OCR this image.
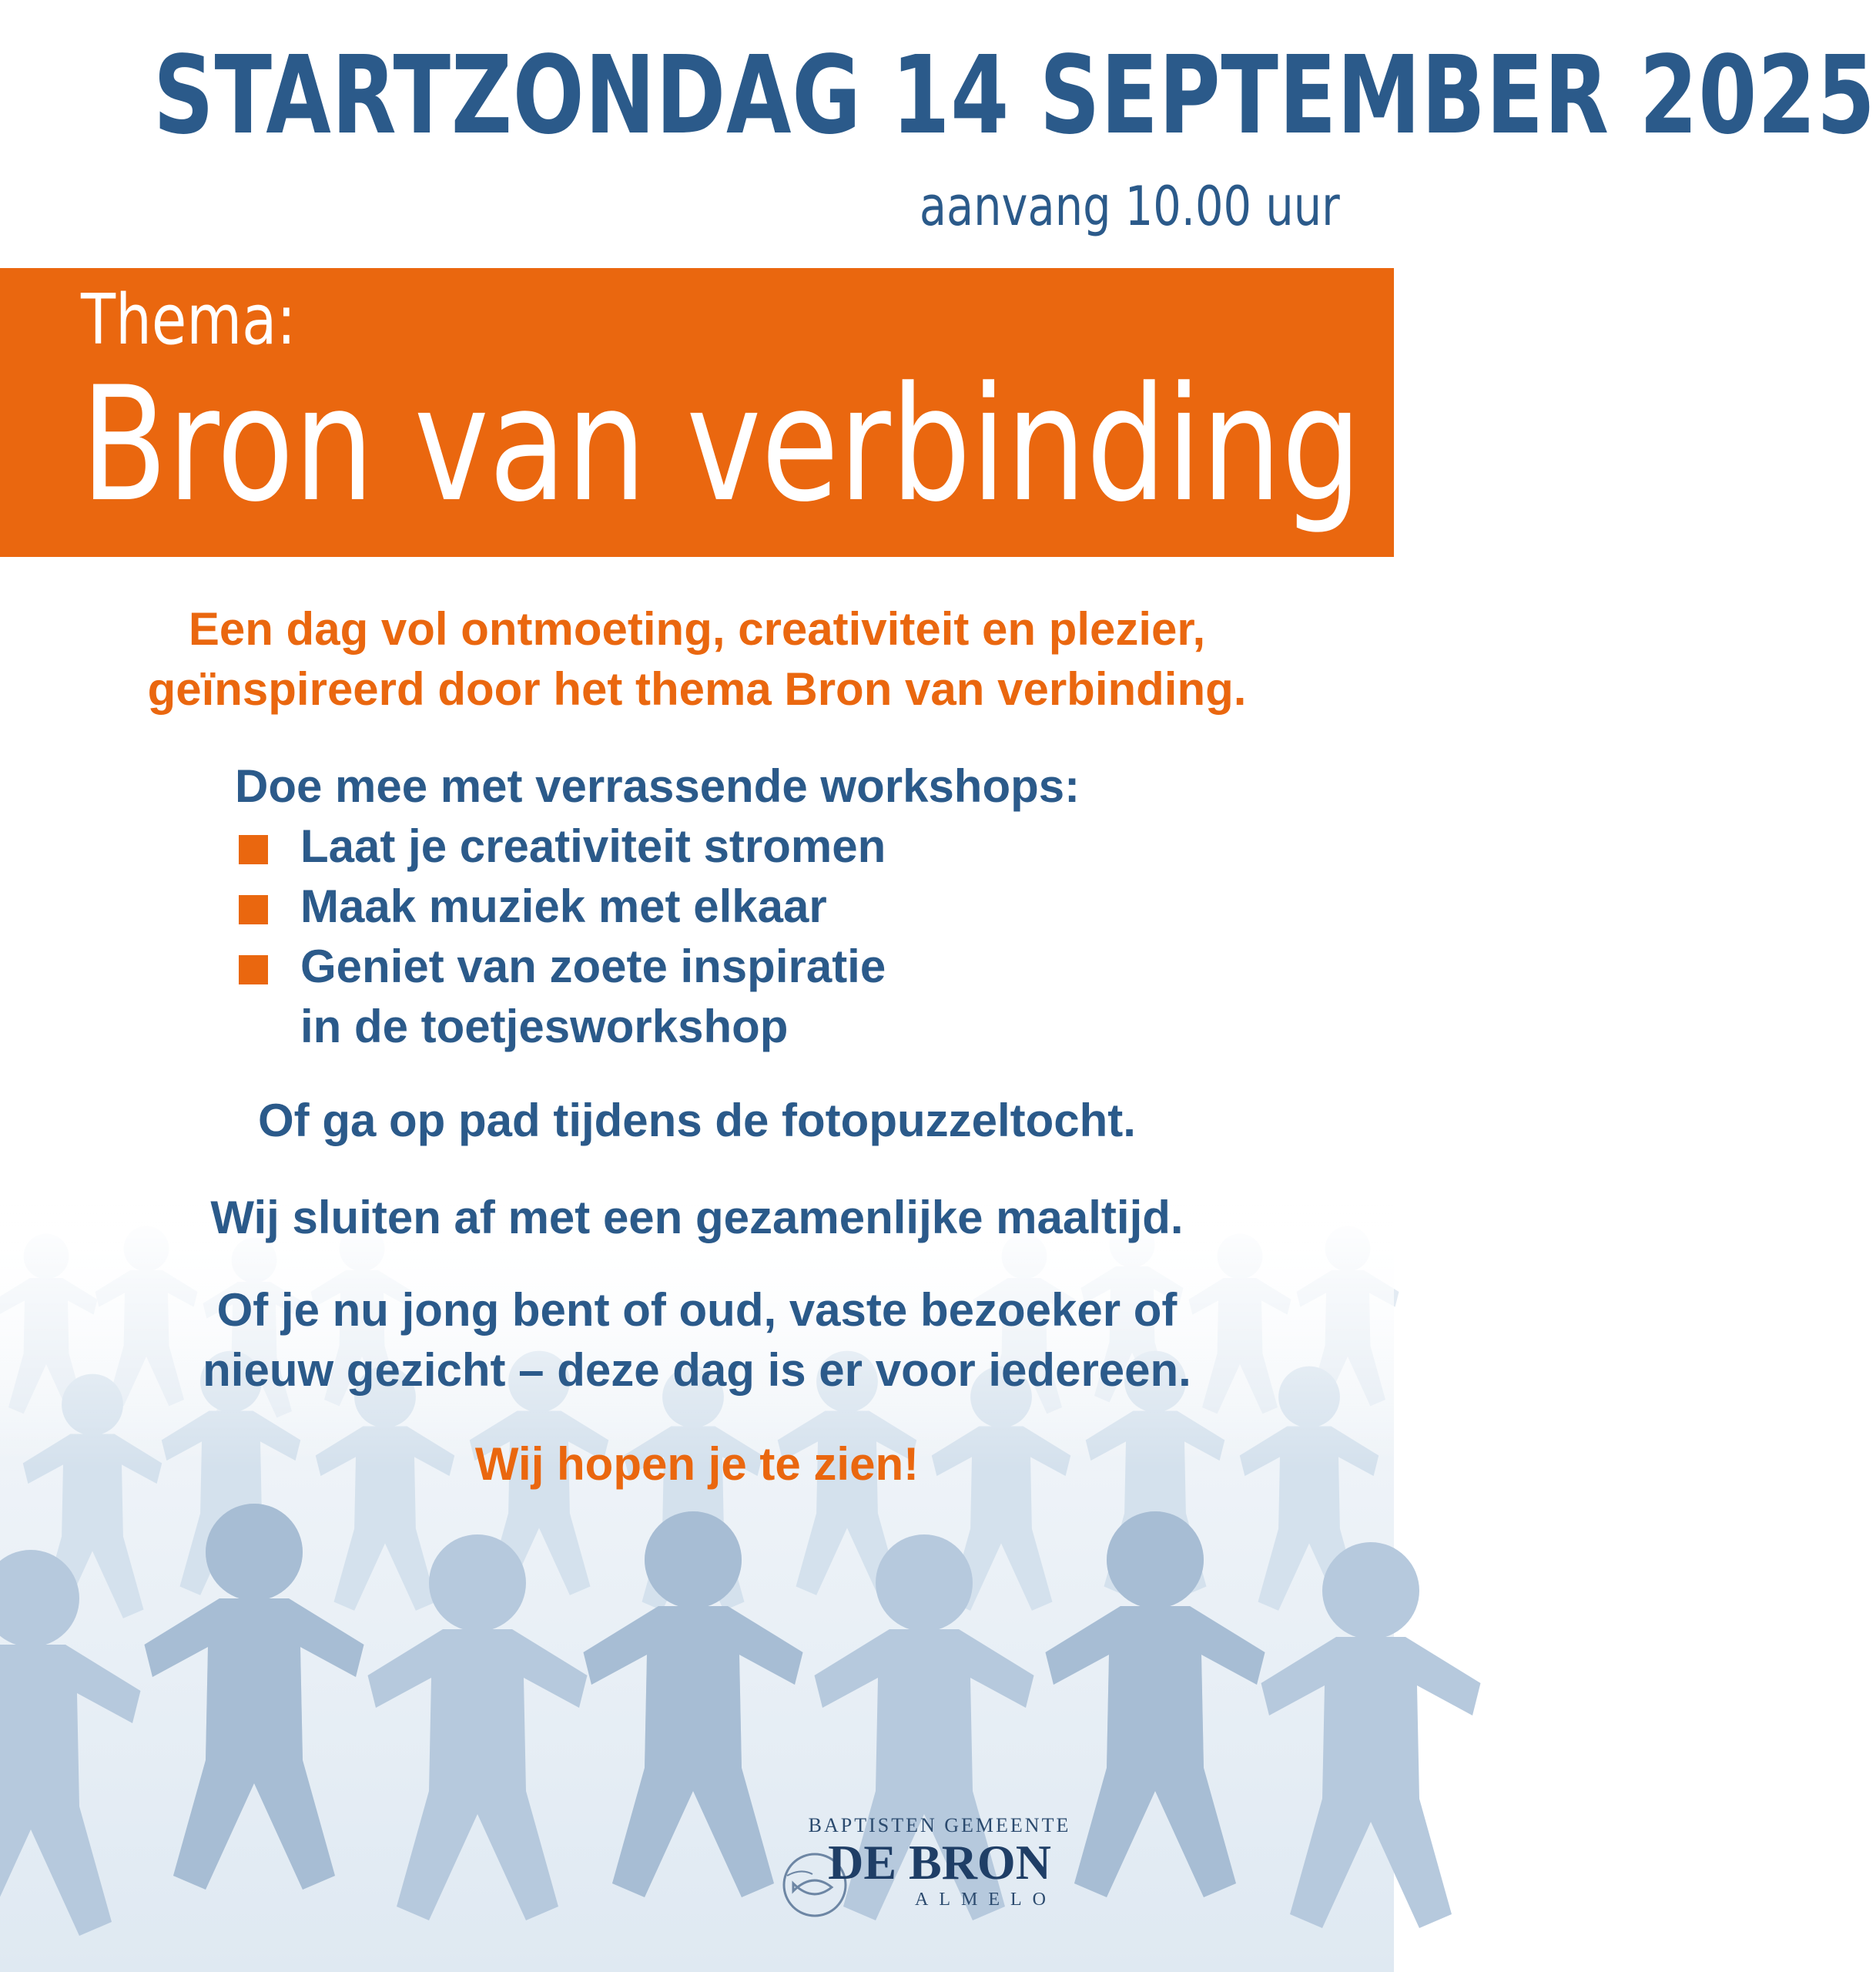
STARTZONDAG 14 SEPTEMBER 2025
aanvang 10.00 uur
Thema:
Bron van verbinding
Een dag vol ontmoeting, creativiteit en plezier,
geïnspireerd door het thema Bron van verbinding.
Doe mee met verrassende workshops:
Laat je creativiteit stromen
Maak muziek met elkaar
Geniet van zoete inspiratie
in de toetjesworkshop
Of ga op pad tijdens de fotopuzzeltocht.
Wij sluiten af met een gezamenlijke maaltijd.
Of je nu jong bent of oud, vaste bezoeker of
nieuw gezicht – deze dag is er voor iedereen.
Wij hopen je te zien!
BAPTISTEN GEMEENTE
DE BRON
ALMELO
